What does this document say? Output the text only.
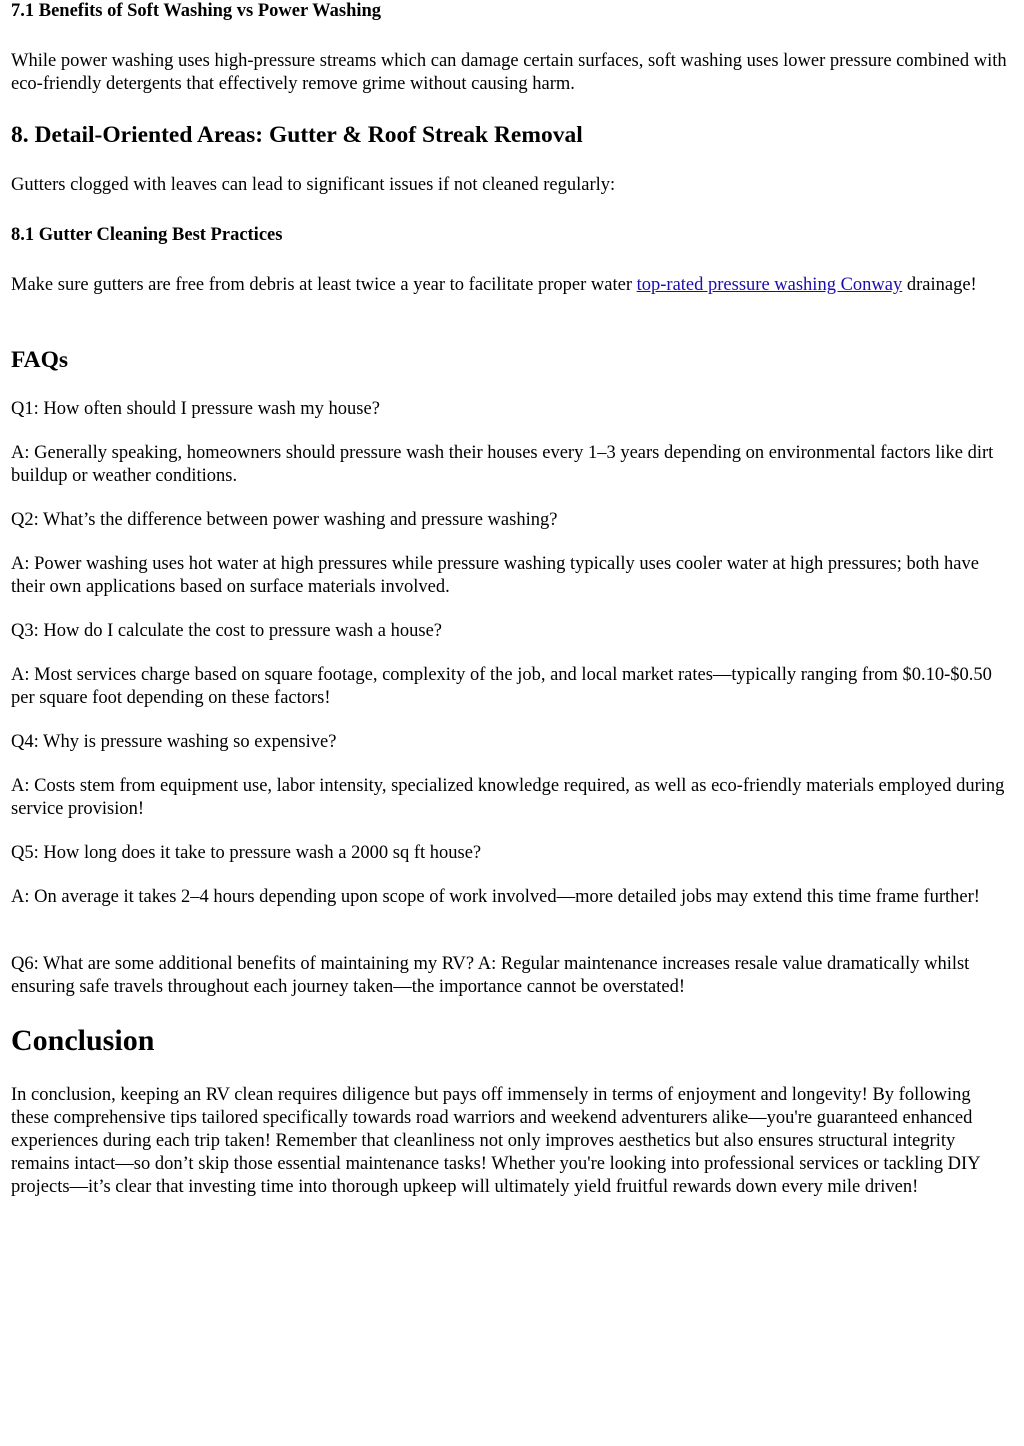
7.1 Benefits of Soft Washing vs Power Washing

While power washing uses high-pressure streams which can damage certain surfaces, soft washing uses lower pressure combined with eco-friendly detergents that effectively remove grime without causing harm.

8. Detail-Oriented Areas: Gutter & Roof Streak Removal

Gutters clogged with leaves can lead to significant issues if not cleaned regularly:

8.1 Gutter Cleaning Best Practices

Make sure gutters are free from debris at least twice a year to facilitate proper water top-rated pressure washing Conway drainage!

FAQs

Q1: How often should I pressure wash my house?

A: Generally speaking, homeowners should pressure wash their houses every 1–3 years depending on environmental factors like dirt buildup or weather conditions.

Q2: What’s the difference between power washing and pressure washing?

A: Power washing uses hot water at high pressures while pressure washing typically uses cooler water at high pressures; both have their own applications based on surface materials involved.

Q3: How do I calculate the cost to pressure wash a house?

A: Most services charge based on square footage, complexity of the job, and local market rates—typically ranging from $0.10-$0.50 per square foot depending on these factors!

Q4: Why is pressure washing so expensive?

A: Costs stem from equipment use, labor intensity, specialized knowledge required, as well as eco-friendly materials employed during service provision!

Q5: How long does it take to pressure wash a 2000 sq ft house?

A: On average it takes 2–4 hours depending upon scope of work involved—more detailed jobs may extend this time frame further!

Q6: What are some additional benefits of maintaining my RV? A: Regular maintenance increases resale value dramatically whilst ensuring safe travels throughout each journey taken—the importance cannot be overstated!

Conclusion

In conclusion, keeping an RV clean requires diligence but pays off immensely in terms of enjoyment and longevity! By following these comprehensive tips tailored specifically towards road warriors and weekend adventurers alike—you're guaranteed enhanced experiences during each trip taken! Remember that cleanliness not only improves aesthetics but also ensures structural integrity remains intact—so don’t skip those essential maintenance tasks! Whether you're looking into professional services or tackling DIY projects—it’s clear that investing time into thorough upkeep will ultimately yield fruitful rewards down every mile driven!
